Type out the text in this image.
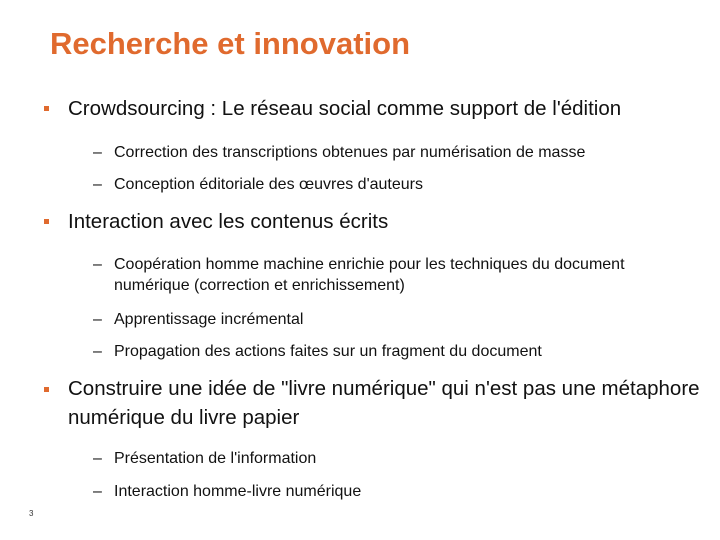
Recherche et innovation
Crowdsourcing : Le réseau social comme support de l'édition
– Correction des transcriptions obtenues par numérisation de masse
– Conception éditoriale des œuvres d'auteurs
Interaction avec les contenus écrits
– Coopération homme machine enrichie pour les techniques du document numérique (correction et enrichissement)
– Apprentissage incrémental
– Propagation des actions faites sur un fragment du document
Construire une idée de "livre numérique" qui n'est pas une métaphore numérique du livre papier
– Présentation de l'information
– Interaction homme-livre numérique
3
